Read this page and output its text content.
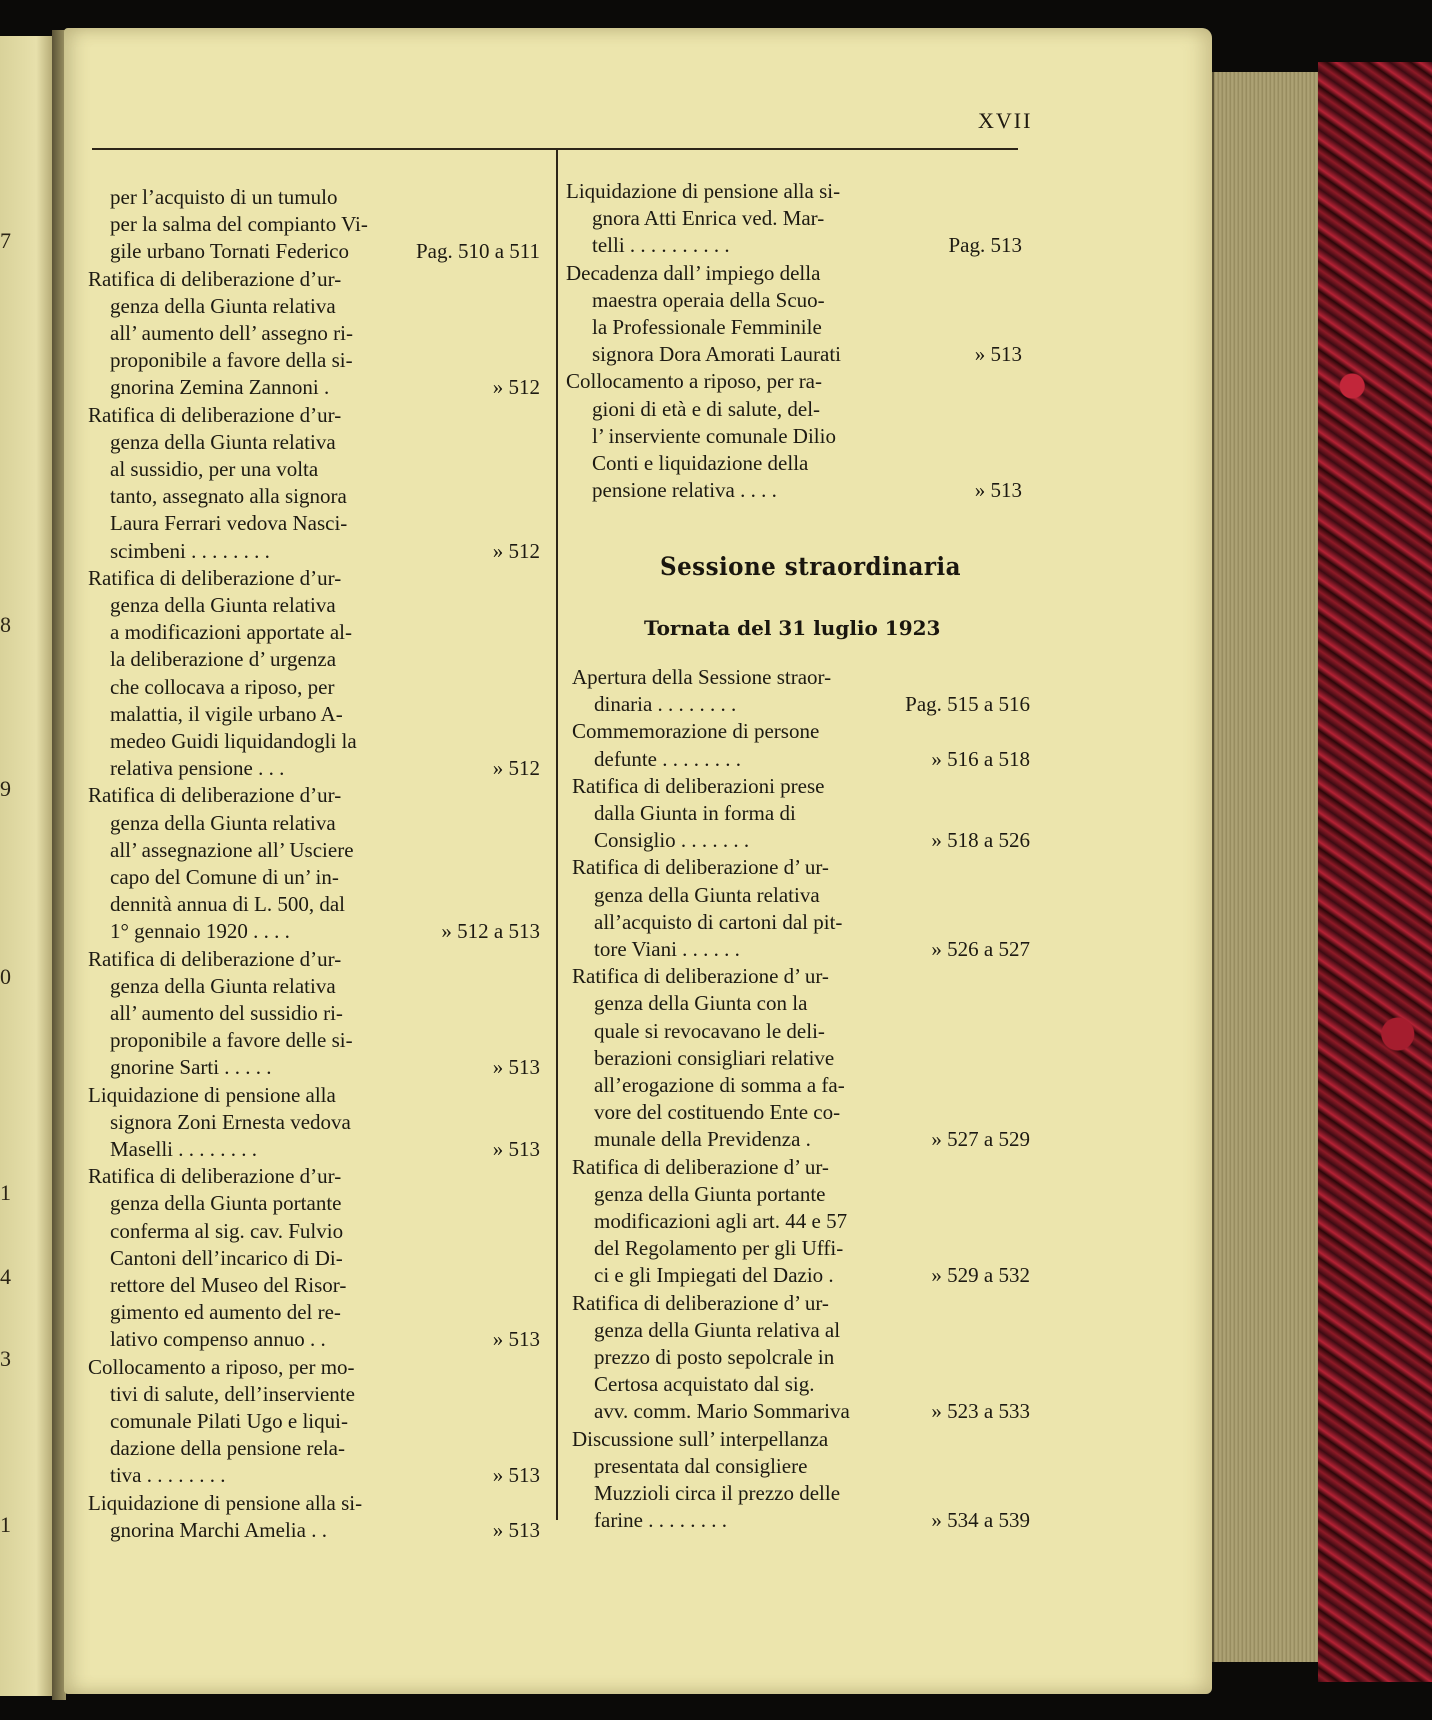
7
8
9
0
1
4
3
1
XVII
Sessione straordinaria
Tornata del 31 luglio 1923
per l’acquisto di un tumulo
per la salma del compianto Vi-
gile urbano Tornati Federico	Pag. 510 a 511
Ratifica di deliberazione d’ur-
genza della Giunta relativa
all’ aumento dell’ assegno ri-
proponibile a favore della si-
gnorina Zemina Zannoni .	» 512
Ratifica di deliberazione d’ur-
genza della Giunta relativa
al sussidio, per una volta
tanto, assegnato alla signora
Laura Ferrari vedova Nasci-
scimbeni . . . . . . . .	» 512
Ratifica di deliberazione d’ur-
genza della Giunta relativa
a modificazioni apportate al-
la deliberazione d’ urgenza
che collocava a riposo, per
malattia, il vigile urbano A-
medeo Guidi liquidandogli la
relativa pensione . . .	» 512
Ratifica di deliberazione d’ur-
genza della Giunta relativa
all’ assegnazione all’ Usciere
capo del Comune di un’ in-
dennità annua di L. 500, dal
1° gennaio 1920 . . . .	» 512 a 513
Ratifica di deliberazione d’ur-
genza della Giunta relativa
all’ aumento del sussidio ri-
proponibile a favore delle si-
gnorine Sarti . . . . .	» 513
Liquidazione di pensione alla
signora Zoni Ernesta vedova
Maselli . . . . . . . .	» 513
Ratifica di deliberazione d’ur-
genza della Giunta portante
conferma al sig. cav. Fulvio
Cantoni dell’incarico di Di-
rettore del Museo del Risor-
gimento ed aumento del re-
lativo compenso annuo . .	» 513
Collocamento a riposo, per mo-
tivi di salute, dell’inserviente
comunale Pilati Ugo e liqui-
dazione della pensione rela-
tiva . . . . . . . .	» 513
Liquidazione di pensione alla si-
gnorina Marchi Amelia . .	» 513
Liquidazione di pensione alla si-
gnora Atti Enrica ved. Mar-
telli . . . . . . . . . .	Pag. 513
Decadenza dall’ impiego della
maestra operaia della Scuo-
la Professionale Femminile
signora Dora Amorati Laurati	» 513
Collocamento a riposo, per ra-
gioni di età e di salute, del-
l’ inserviente comunale Dilio
Conti e liquidazione della
pensione relativa . . . .	» 513
Apertura della Sessione straor-
dinaria . . . . . . . .	Pag. 515 a 516
Commemorazione di persone
defunte . . . . . . . .	» 516 a 518
Ratifica di deliberazioni prese
dalla Giunta in forma di
Consiglio . . . . . . .	» 518 a 526
Ratifica di deliberazione d’ ur-
genza della Giunta relativa
all’acquisto di cartoni dal pit-
tore Viani . . . . . .	» 526 a 527
Ratifica di deliberazione d’ ur-
genza della Giunta con la
quale si revocavano le deli-
berazioni consigliari relative
all’erogazione di somma a fa-
vore del costituendo Ente co-
munale della Previdenza .	» 527 a 529
Ratifica di deliberazione d’ ur-
genza della Giunta portante
modificazioni agli art. 44 e 57
del Regolamento per gli Uffi-
ci e gli Impiegati del Dazio .	» 529 a 532
Ratifica di deliberazione d’ ur-
genza della Giunta relativa al
prezzo di posto sepolcrale in
Certosa acquistato dal sig.
avv. comm. Mario Sommariva	» 523 a 533
Discussione sull’ interpellanza
presentata dal consigliere
Muzzioli circa il prezzo delle
farine . . . . . . . .	» 534 a 539
